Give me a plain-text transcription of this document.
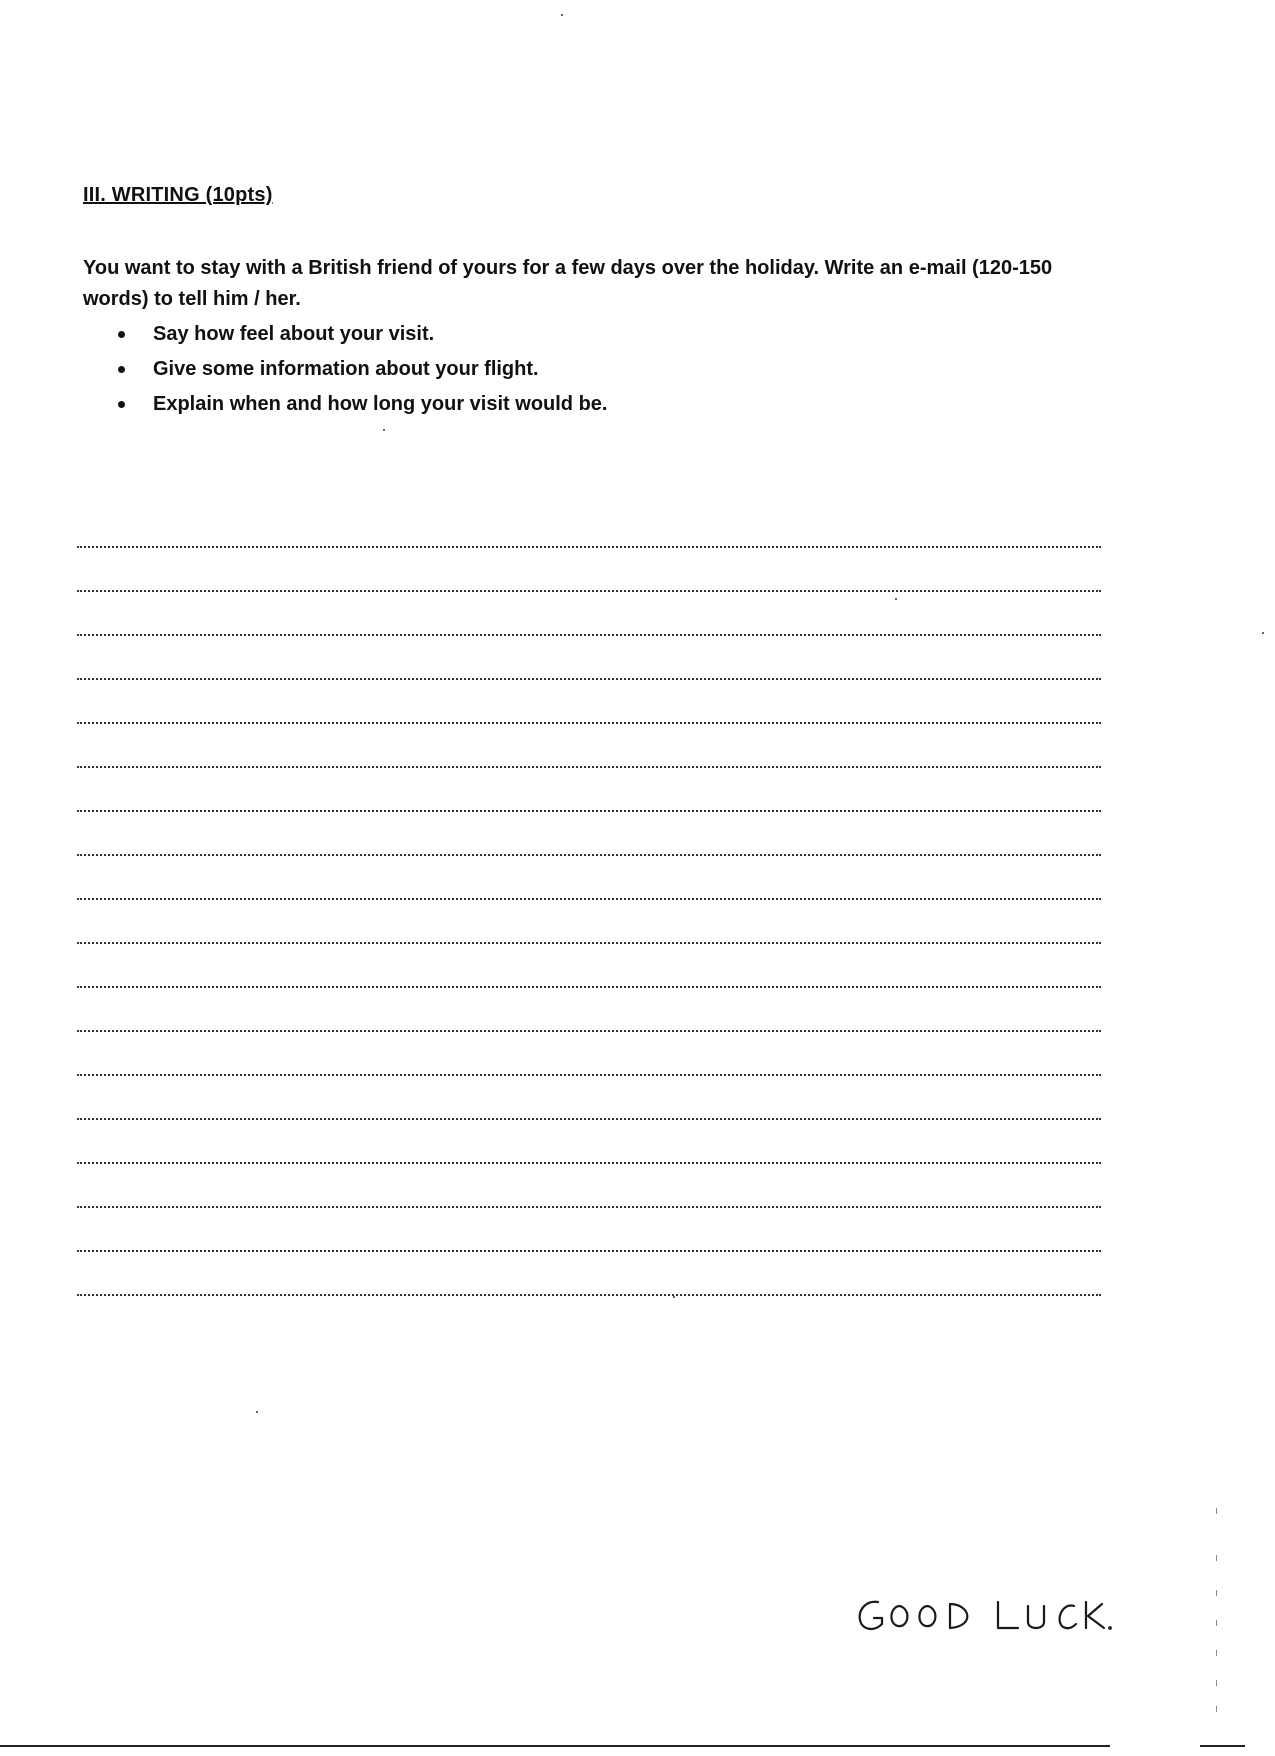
III. WRITING (10pts)
You want to stay with a British friend of yours for a few days over the holiday. Write an e-mail (120-150 words) to tell him / her.
Say how feel about your visit.
Give some information about your flight.
Explain when and how long your visit would be.
